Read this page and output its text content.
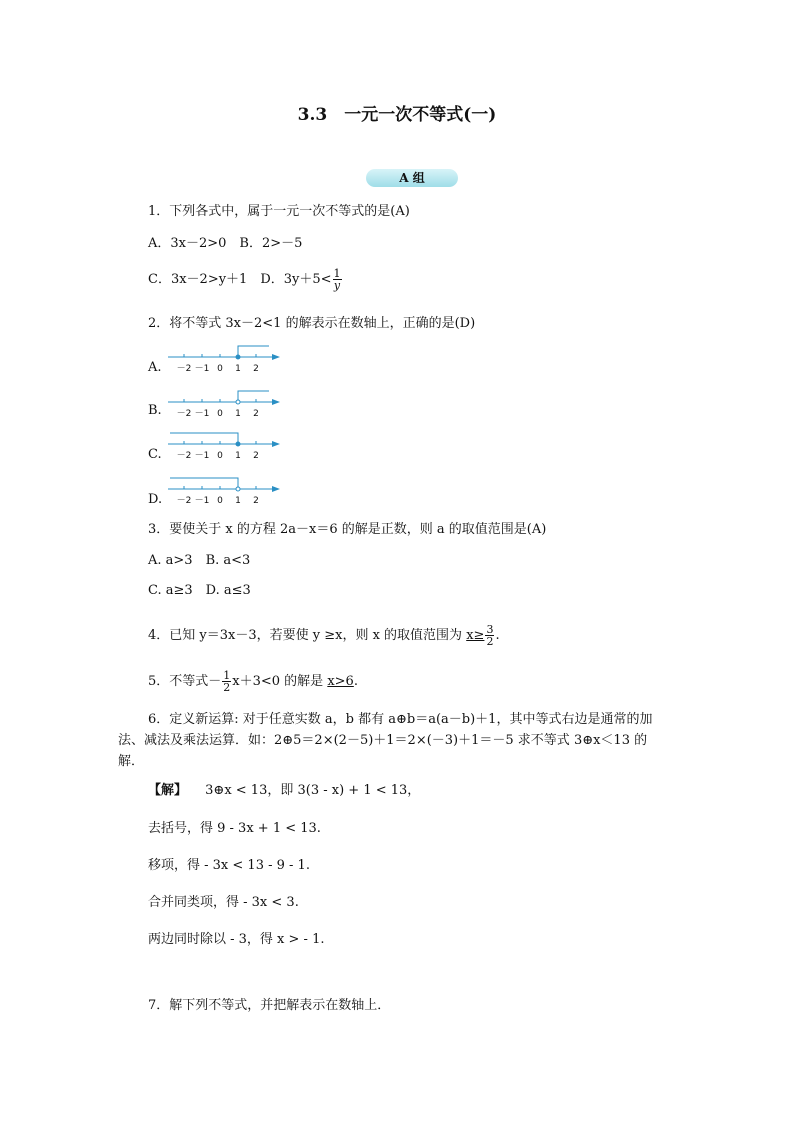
3.3　一元一次不等式(一)
A 组
1．下列各式中，属于一元一次不等式的是(A)
A．3x－2>0　B．2>－5
C．3x－2>y＋1　D．$3y+5< \frac{1}{y}$
2．将不等式 3x－2<1 的解表示在数轴上，正确的是(D)
A. －2 －1 0 1 2
B. －2 －1 0 1 2
C. －2 －1 0 1 2
D. －2 －1 0 1 2
3．要使关于 x 的方程 2a－x＝6 的解是正数，则 a 的取值范围是(A)
A. a>3　B. a<3
C. a≥3　D. a≤3
4．已知 y＝3x－3，若要使 y ≥x，则 x 的取值范围为 $x\ge \frac{3}{2}$ .
5．不等式－ $\frac{1}{2} x+3<0$ 的解是 x>6.
6．定义新运算: 对于任意实数 a，b 都有 a⊕b＝a(a－b)＋1，其中等式右边是通常的加
法、减法及乘法运算．如：2⊕5＝2×(2－5)＋1＝2×(－3)＋1＝－5 求不等式 3⊕x＜13 的
解．
【解】 3⊕x < 13，即 3(3 - x) + 1 < 13，
去括号，得 9 - 3x + 1 < 13.
移项，得 - 3x < 13 - 9 - 1.
合并同类项，得 - 3x < 3.
两边同时除以 - 3，得 x > - 1.
7．解下列不等式，并把解表示在数轴上．
